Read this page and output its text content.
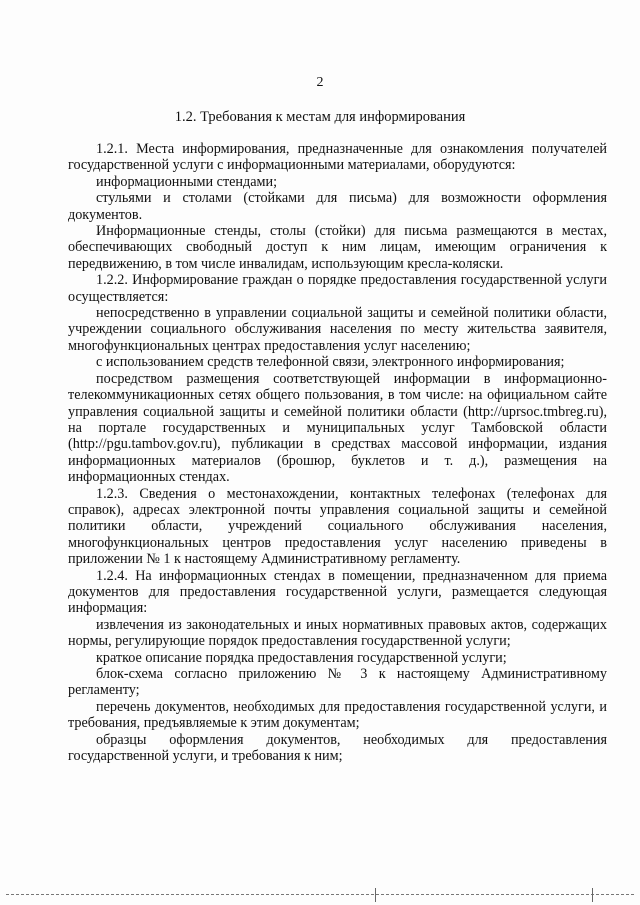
2
1.2. Требования к местам для информирования

1.2.1. Места информирования, предназначенные для ознакомления получателей государственной услуги с информационными материалами, оборудуются:

информационными стендами;

стульями и столами (стойками для письма) для возможности оформления документов.

Информационные стенды, столы (стойки) для письма размещаются в местах, обеспечивающих свободный доступ к ним лицам, имеющим ограничения к передвижению, в том числе инвалидам, использующим кресла-коляски.

1.2.2. Информирование граждан о порядке предоставления государственной услуги осуществляется:

непосредственно в управлении социальной защиты и семейной политики области, учреждении социального обслуживания населения по месту жительства заявителя, многофункциональных центрах предоставления услуг населению;

с использованием средств телефонной связи, электронного информирования;

посредством размещения соответствующей информации в информационно-телекоммуникационных сетях общего пользования, в том числе: на официальном сайте управления социальной защиты и семейной политики области (http://uprsoc.tmbreg.ru), на портале государственных и муниципальных услуг Тамбовской области (http://pgu.tambov.gov.ru), публикации в средствах массовой информации, издания информационных материалов (брошюр, буклетов и т. д.), размещения на информационных стендах.

1.2.3. Сведения о местонахождении, контактных телефонах (телефонах для справок), адресах электронной почты управления социальной защиты и семейной политики области, учреждений социального обслуживания населения, многофункциональных центров предоставления услуг населению приведены в приложении № 1 к настоящему Административному регламенту.

1.2.4. На информационных стендах в помещении, предназначенном для приема документов для предоставления государственной услуги, размещается следующая информация:

извлечения из законодательных и иных нормативных правовых актов, содержащих нормы, регулирующие порядок предоставления государственной услуги;

краткое описание порядка предоставления государственной услуги;

блок-схема согласно приложению № 3 к настоящему Административному регламенту;

перечень документов, необходимых для предоставления государственной услуги, и требования, предъявляемые к этим документам;

образцы оформления документов, необходимых для предоставления государственной услуги, и требования к ним;
